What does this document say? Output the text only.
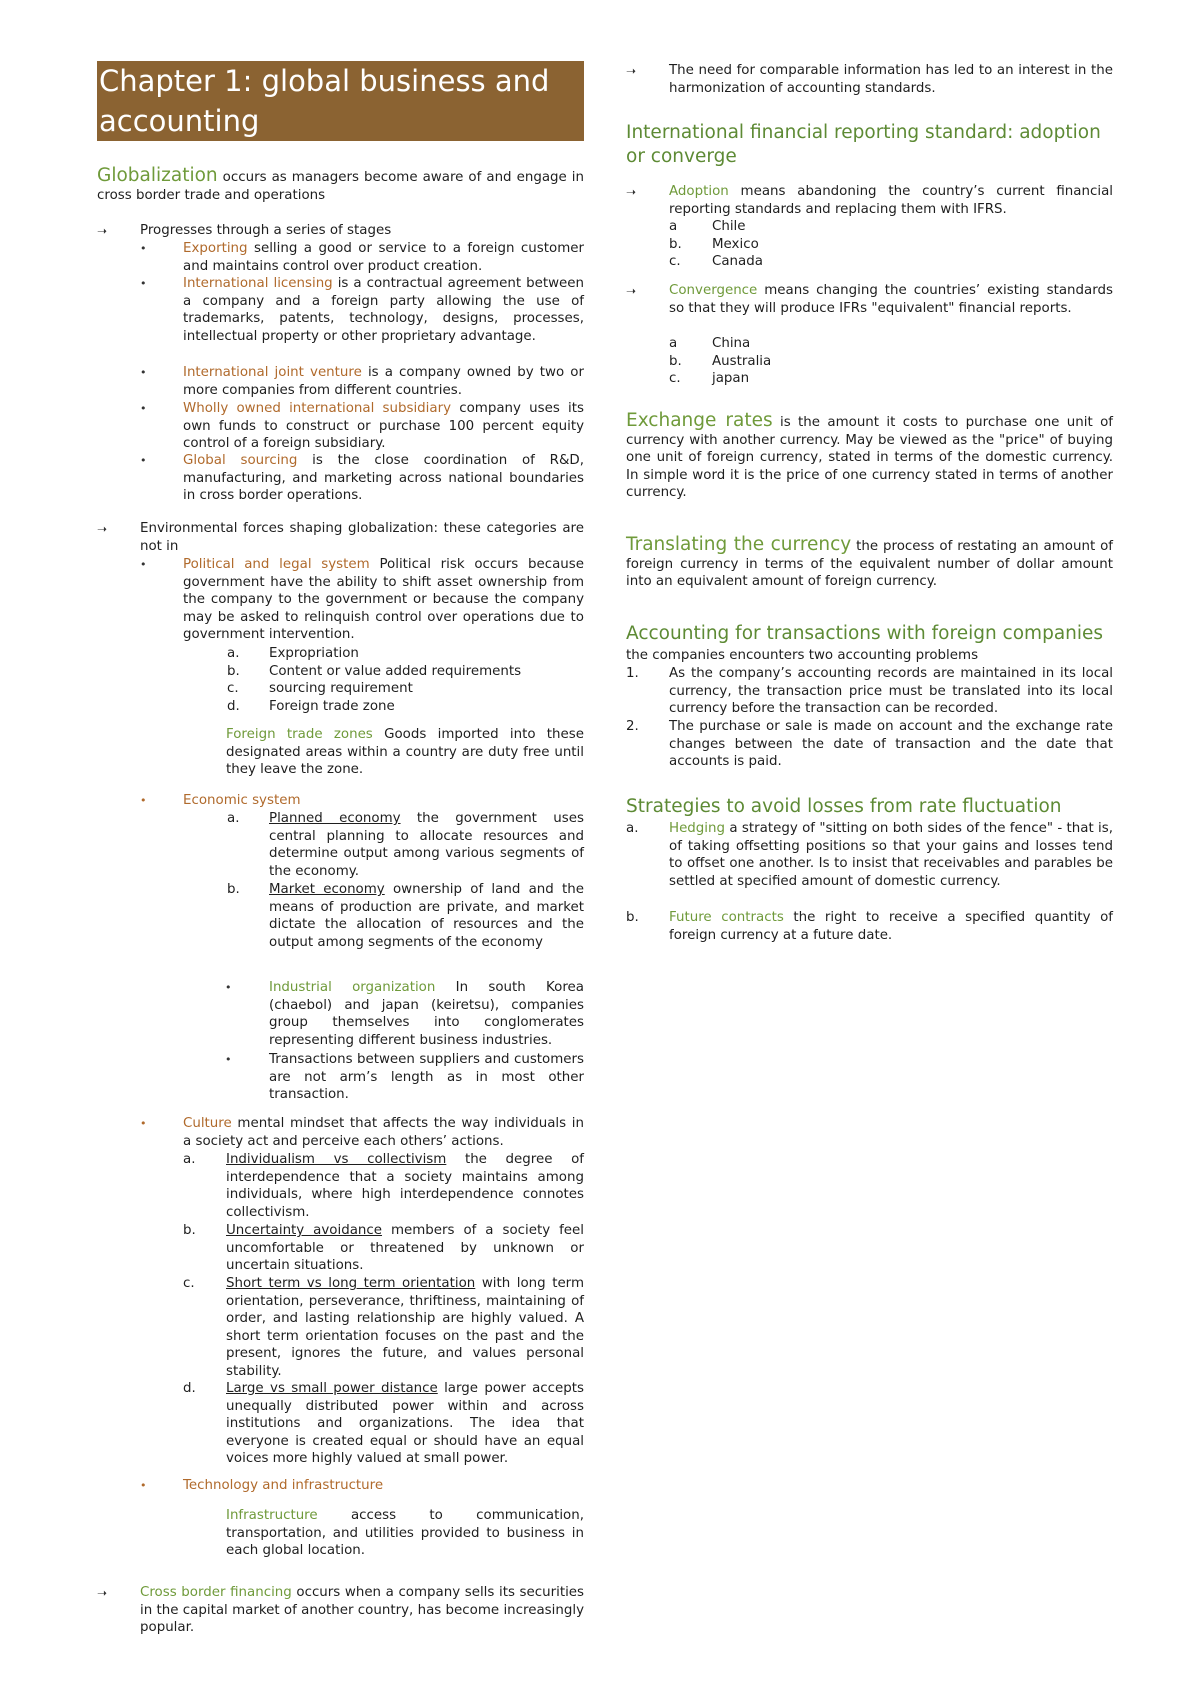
Chapter 1: global business and accounting

Globalization occurs as managers become aware of and engage in cross border trade and operations

➝ Progresses through a series of stages
•	Exporting selling a good or service to a foreign customer and maintains control over product creation.
•	International licensing is a contractual agreement between a company and a foreign party allowing the use of trademarks, patents, technology, designs, processes, intellectual property or other proprietary advantage.
•	International joint venture is a company owned by two or more companies from different countries.
•	Wholly owned international subsidiary company uses its own funds to construct or purchase 100 percent equity control of a foreign subsidiary.
•	Global sourcing is the close coordination of R&D, manufacturing, and marketing across national boundaries in cross border operations.
➝ Environmental forces shaping globalization: these categories are not in
•	Political and legal system Political risk occurs because government have the ability to shift asset ownership from the company to the government or because the company may be asked to relinquish control over operations due to government intervention.
a. Expropriation
b. Content or value added requirements
c. sourcing requirement
d. Foreign trade zone
Foreign trade zones Goods imported into these designated areas within a country are duty free until they leave the zone.
•	Economic system
a. Planned economy the government uses central planning to allocate resources and determine output among various segments of the economy.
b. Market economy ownership of land and the means of production are private, and market dictate the allocation of resources and the output among segments of the economy
•	Industrial organization In south Korea (chaebol) and japan (keiretsu), companies group themselves into conglomerates representing different business industries.
•	Transactions between suppliers and customers are not arm’s length as in most other transaction.
•	Culture mental mindset that affects the way individuals in a society act and perceive each others’ actions.
a. Individualism vs collectivism the degree of interdependence that a society maintains among individuals, where high interdependence connotes collectivism.
b. Uncertainty avoidance members of a society feel uncomfortable or threatened by unknown or uncertain situations.
c. Short term vs long term orientation with long term orientation, perseverance, thriftiness, maintaining of order, and lasting relationship are highly valued. A short term orientation focuses on the past and the present, ignores the future, and values personal stability.
d. Large vs small power distance large power accepts unequally distributed power within and across institutions and organizations. The idea that everyone is created equal or should have an equal voices more highly valued at small power.
•	Technology and infrastructure
Infrastructure access to communication, transportation, and utilities provided to business in each global location.
➝ Cross border financing occurs when a company sells its securities in the capital market of another country, has become increasingly popular.
➝ The need for comparable information has led to an interest in the harmonization of accounting standards.
International financial reporting standard: adoption or converge
➝ Adoption means abandoning the country’s current financial reporting standards and replacing them with IFRS.
a	Chile
b. Mexico
c. Canada
➝ Convergence means changing the countries’ existing standards so that they will produce IFRs "equivalent" financial reports.
a	China
b. Australia
c. japan

Exchange rates is the amount it costs to purchase one unit of currency with another currency. May be viewed as the "price" of buying one unit of foreign currency, stated in terms of the domestic currency. In simple word it is the price of one currency stated in terms of another currency.

Translating the currency the process of restating an amount of foreign currency in terms of the equivalent number of dollar amount into an equivalent amount of foreign currency.

Accounting for transactions with foreign companies
the companies encounters two accounting problems
1. As the company’s accounting records are maintained in its local currency, the transaction price must be translated into its local currency before the transaction can be recorded.
2. The purchase or sale is made on account and the exchange rate changes between the date of transaction and the date that accounts is paid.
Strategies to avoid losses from rate fluctuation
a. Hedging a strategy of "sitting on both sides of the fence" - that is, of taking offsetting positions so that your gains and losses tend to offset one another. Is to insist that receivables and parables be settled at specified amount of domestic currency.
b. Future contracts the right to receive a specified quantity of foreign currency at a future date.
